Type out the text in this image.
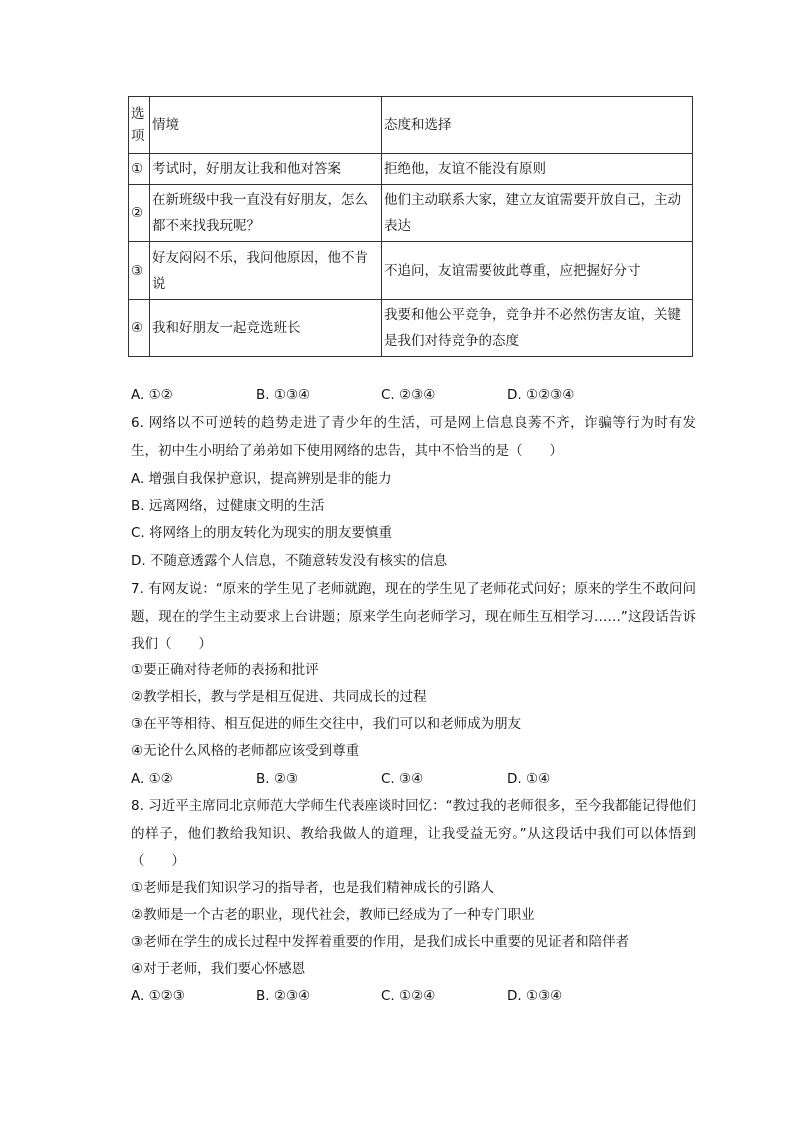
选项	情境	态度和选择
①	考试时，好朋友让我和他对答案	拒绝他，友谊不能没有原则
②	在新班级中我一直没有好朋友，怎么都不来找我玩呢？	他们主动联系大家，建立友谊需要开放自己，主动表达
③	好友闷闷不乐，我问他原因，他不肯说	不追问，友谊需要彼此尊重，应把握好分寸
④	我和好朋友一起竞选班长	我要和他公平竞争，竞争并不必然伤害友谊，关键是我们对待竞争的态度
A. ①②	B. ①③④	C. ②③④	D. ①②③④
6. 网络以不可逆转的趋势走进了青少年的生活，可是网上信息良莠不齐，诈骗等行为时有发生，初中生小明给了弟弟如下使用网络的忠告，其中不恰当的是（　　）
A. 增强自我保护意识，提高辨别是非的能力
B. 远离网络，过健康文明的生活
C. 将网络上的朋友转化为现实的朋友要慎重
D. 不随意透露个人信息，不随意转发没有核实的信息
7. 有网友说：“原来的学生见了老师就跑，现在的学生见了老师花式问好；原来的学生不敢问问题，现在的学生主动要求上台讲题；原来学生向老师学习，现在师生互相学习……”这段话告诉我们（　　）
①要正确对待老师的表扬和批评
②教学相长，教与学是相互促进、共同成长的过程
③在平等相待、相互促进的师生交往中，我们可以和老师成为朋友
④无论什么风格的老师都应该受到尊重
A. ①②	B. ②③	C. ③④	D. ①④
8. 习近平主席同北京师范大学师生代表座谈时回忆：“教过我的老师很多，至今我都能记得他们的样子，他们教给我知识、教给我做人的道理，让我受益无穷。”从这段话中我们可以体悟到（　　）
①老师是我们知识学习的指导者，也是我们精神成长的引路人
②教师是一个古老的职业，现代社会，教师已经成为了一种专门职业
③老师在学生的成长过程中发挥着重要的作用，是我们成长中重要的见证者和陪伴者
④对于老师，我们要心怀感恩
A. ①②③	B. ②③④	C. ①②④	D. ①③④
